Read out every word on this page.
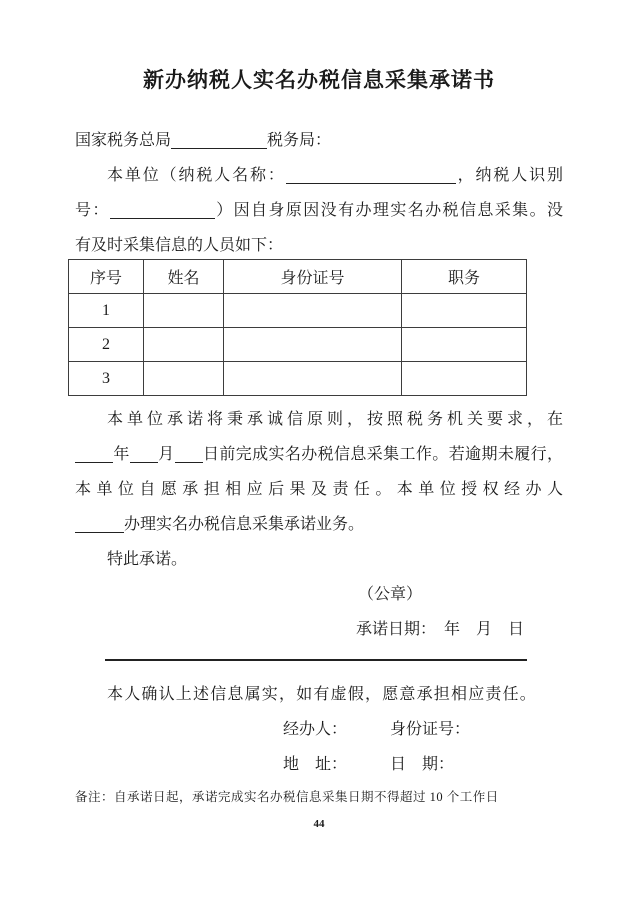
新办纳税人实名办税信息采集承诺书
国家税务总局	税务局：
本单位（纳税人名称：	，纳税人识别
号：	）因自身原因没有办理实名办税信息采集。没
有及时采集信息的人员如下：
序号	姓名	身份证号	职务
1			
2			
3			
本单位承诺将秉承诚信原则，按照税务机关要求，在
年 月 日前完成实名办税信息采集工作。若逾期未履行，
本单位自愿承担相应后果及责任。本单位授权经办人
办理实名办税信息采集承诺业务。
特此承诺。
（公章）
承诺日期：　年　月　日
本人确认上述信息属实，如有虚假，愿意承担相应责任。
经办人：	身份证号：
地　址：	日　期：
备注：自承诺日起，承诺完成实名办税信息采集日期不得超过 10 个工作日
44
